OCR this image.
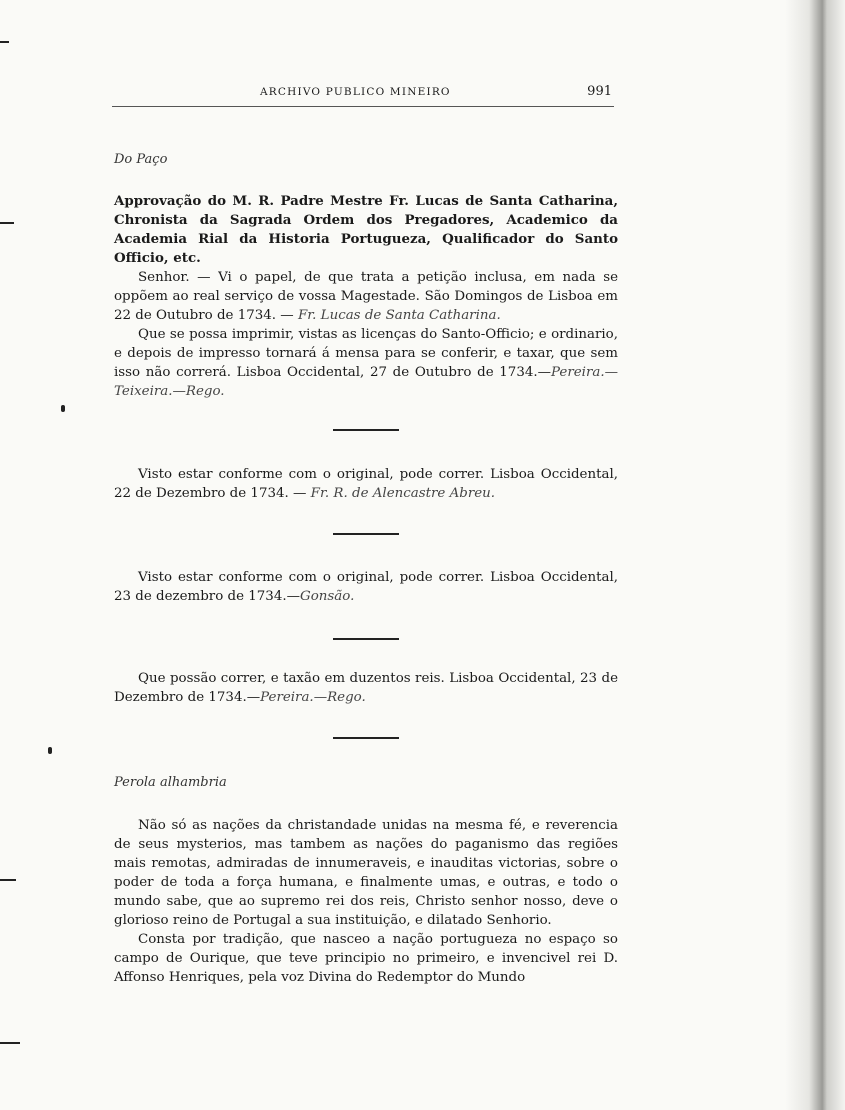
ARCHIVO PUBLICO MINEIRO	991

Do Paço

Approvação do M. R. Padre Mestre Fr. Lucas de Santa Catharina, Chronista da Sagrada Ordem dos Pregadores, Academico da Academia Rial da Historia Portugueza, Qualificador do Santo Officio, etc.

Senhor. — Vi o papel, de que trata a petição inclusa, em nada se oppõem ao real serviço de vossa Magestade. São Domingos de Lisboa em 22 de Outubro de 1734. — Fr. Lucas de Santa Catharina.

Que se possa imprimir, vistas as licenças do Santo-Officio; e ordinario, e depois de impresso tornará á mensa para se conferir, e taxar, que sem isso não correrá. Lisboa Occidental, 27 de Outubro de 1734.—Pereira.—Teixeira.—Rego.

Visto estar conforme com o original, pode correr. Lisboa Occidental, 22 de Dezembro de 1734. — Fr. R. de Alencastre Abreu.

Visto estar conforme com o original, pode correr. Lisboa Occidental, 23 de dezembro de 1734.—Gonsão.

Que possão correr, e taxão em duzentos reis. Lisboa Occidental, 23 de Dezembro de 1734.—Pereira.—Rego.

Perola alhambria

Não só as nações da christandade unidas na mesma fé, e reverencia de seus mysterios, mas tambem as nações do paganismo das regiões mais remotas, admiradas de innumeraveis, e inauditas victorias, sobre o poder de toda a força humana, e finalmente umas, e outras, e todo o mundo sabe, que ao supremo rei dos reis, Christo senhor nosso, deve o glorioso reino de Portugal a sua instituição, e dilatado Senhorio.

Consta por tradição, que nasceo a nação portugueza no espaço so campo de Ourique, que teve principio no primeiro, e invencivel rei D. Affonso Henriques, pela voz Divina do Redemptor do Mundo
